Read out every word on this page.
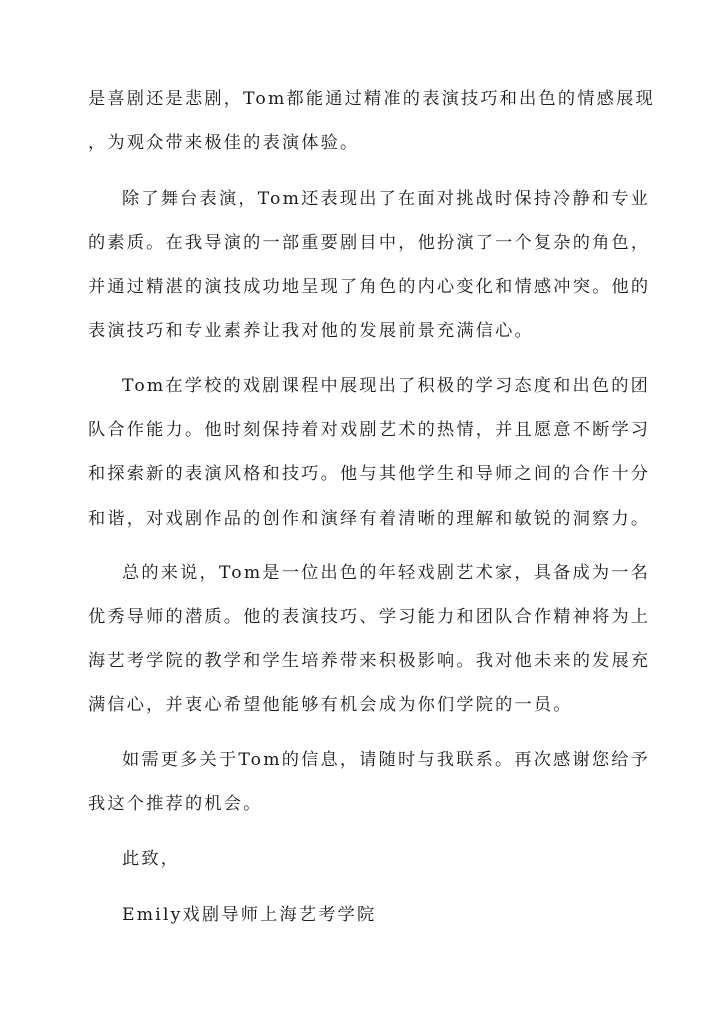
是喜剧还是悲剧，Tom都能通过精准的表演技巧和出色的情感展现
，为观众带来极佳的表演体验。
除了舞台表演，Tom还表现出了在面对挑战时保持冷静和专业
的素质。在我导演的一部重要剧目中，他扮演了一个复杂的角色，
并通过精湛的演技成功地呈现了角色的内心变化和情感冲突。他的
表演技巧和专业素养让我对他的发展前景充满信心。
Tom在学校的戏剧课程中展现出了积极的学习态度和出色的团
队合作能力。他时刻保持着对戏剧艺术的热情，并且愿意不断学习
和探索新的表演风格和技巧。他与其他学生和导师之间的合作十分
和谐，对戏剧作品的创作和演绎有着清晰的理解和敏锐的洞察力。
总的来说，Tom是一位出色的年轻戏剧艺术家，具备成为一名
优秀导师的潜质。他的表演技巧、学习能力和团队合作精神将为上
海艺考学院的教学和学生培养带来积极影响。我对他未来的发展充
满信心，并衷心希望他能够有机会成为你们学院的一员。
如需更多关于Tom的信息，请随时与我联系。再次感谢您给予
我这个推荐的机会。
此致，
Emily戏剧导师上海艺考学院
